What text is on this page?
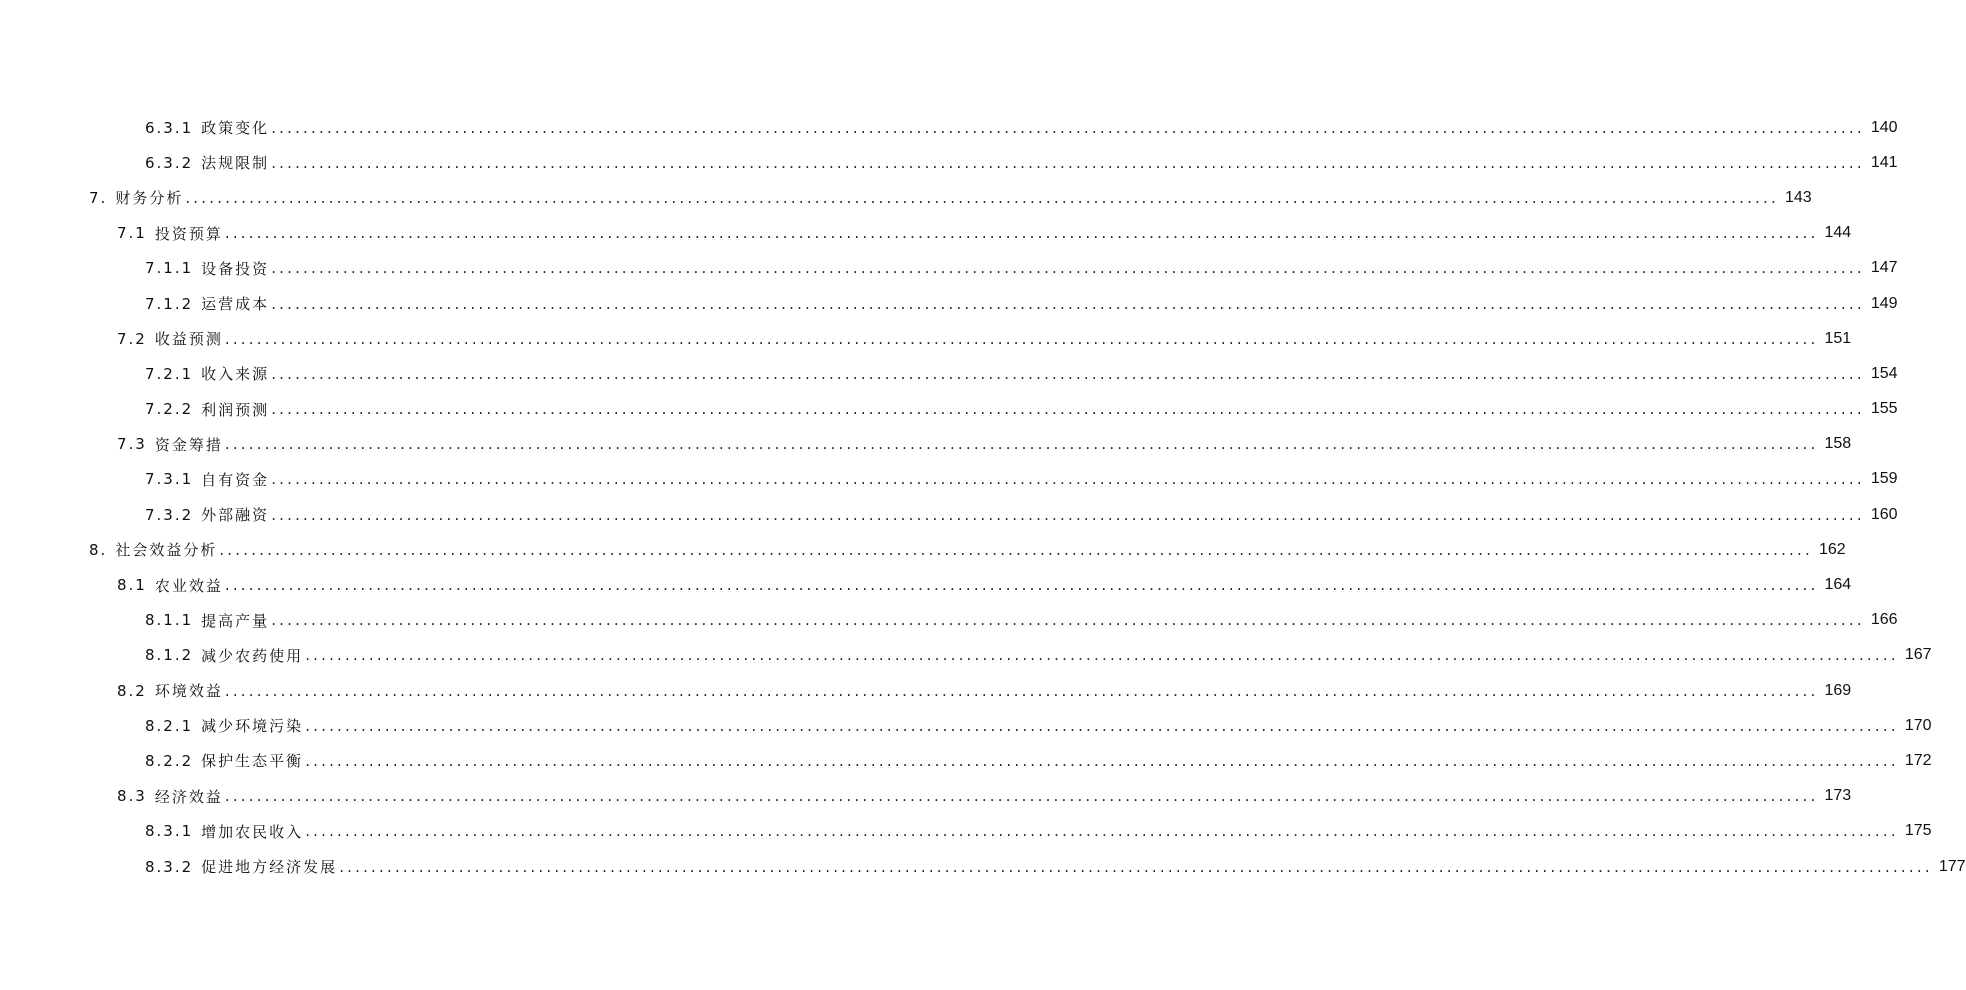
6.3.1 政策变化 ........................................................................................................................................................................................................ 140
6.3.2 法规限制 ........................................................................................................................................................................................................ 141
7. 财务分析 ........................................................................................................................................................................................................ 143
7.1 投资预算 ........................................................................................................................................................................................................ 144
7.1.1 设备投资 ........................................................................................................................................................................................................ 147
7.1.2 运营成本 ........................................................................................................................................................................................................ 149
7.2 收益预测 ........................................................................................................................................................................................................ 151
7.2.1 收入来源 ........................................................................................................................................................................................................ 154
7.2.2 利润预测 ........................................................................................................................................................................................................ 155
7.3 资金筹措 ........................................................................................................................................................................................................ 158
7.3.1 自有资金 ........................................................................................................................................................................................................ 159
7.3.2 外部融资 ........................................................................................................................................................................................................ 160
8. 社会效益分析 ........................................................................................................................................................................................................ 162
8.1 农业效益 ........................................................................................................................................................................................................ 164
8.1.1 提高产量 ........................................................................................................................................................................................................ 166
8.1.2 减少农药使用 ........................................................................................................................................................................................................ 167
8.2 环境效益 ........................................................................................................................................................................................................ 169
8.2.1 减少环境污染 ........................................................................................................................................................................................................ 170
8.2.2 保护生态平衡 ........................................................................................................................................................................................................ 172
8.3 经济效益 ........................................................................................................................................................................................................ 173
8.3.1 增加农民收入 ........................................................................................................................................................................................................ 175
8.3.2 促进地方经济发展 ........................................................................................................................................................................................................ 177
